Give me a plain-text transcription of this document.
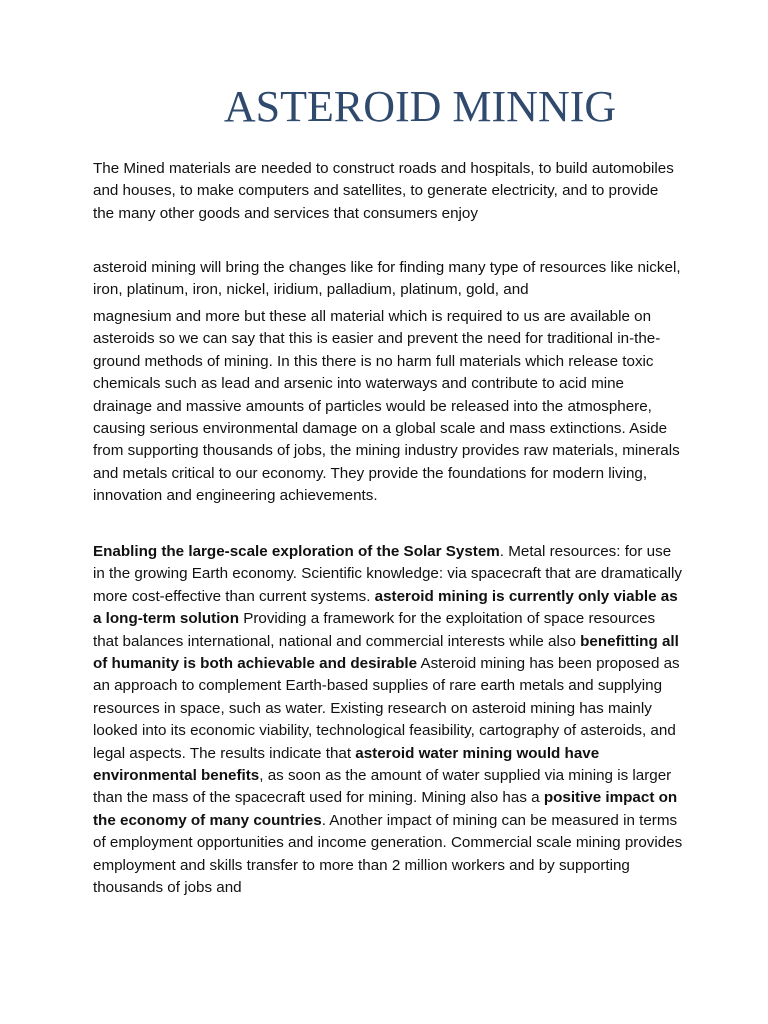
ASTEROID MINNIG

The Mined materials are needed to construct roads and hospitals, to build automobiles and houses, to make computers and satellites, to generate electricity, and to provide the many other goods and services that consumers enjoy

asteroid mining will bring the changes like for finding many type of resources like nickel, iron, platinum, iron, nickel, iridium, palladium, platinum, gold, and

magnesium and more but these all material which is required to us are available on asteroids so we can say that this is easier and prevent the need for traditional in-the-ground methods of mining. In this there is no harm full materials which release toxic chemicals such as lead and arsenic into waterways and contribute to acid mine drainage and massive amounts of particles would be released into the atmosphere, causing serious environmental damage on a global scale and mass extinctions. Aside from supporting thousands of jobs, the mining industry provides raw materials, minerals and metals critical to our economy. They provide the foundations for modern living, innovation and engineering achievements.

Enabling the large-scale exploration of the Solar System. Metal resources: for use in the growing Earth economy. Scientific knowledge: via spacecraft that are dramatically more cost-effective than current systems. asteroid mining is currently only viable as a long-term solution Providing a framework for the exploitation of space resources that balances international, national and commercial interests while also benefitting all of humanity is both achievable and desirable Asteroid mining has been proposed as an approach to complement Earth-based supplies of rare earth metals and supplying resources in space, such as water. Existing research on asteroid mining has mainly looked into its economic viability, technological feasibility, cartography of asteroids, and legal aspects. The results indicate that asteroid water mining would have environmental benefits, as soon as the amount of water supplied via mining is larger than the mass of the spacecraft used for mining. Mining also has a positive impact on the economy of many countries. Another impact of mining can be measured in terms of employment opportunities and income generation. Commercial scale mining provides employment and skills transfer to more than 2 million workers and by supporting thousands of jobs and
